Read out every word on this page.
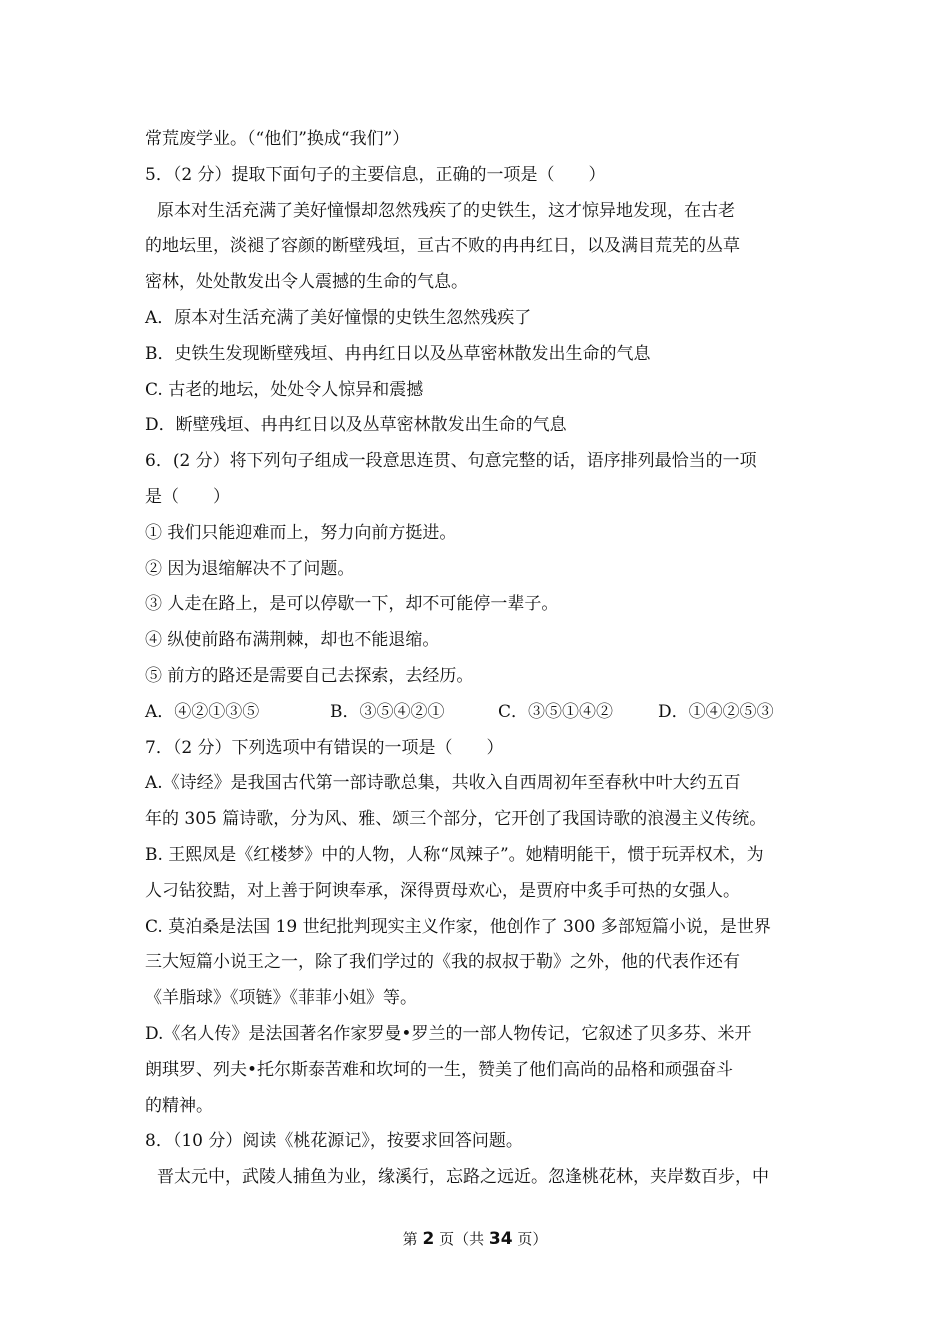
常荒废学业。（“他们”换成“我们”）
5．（2 分）提取下面句子的主要信息，正确的一项是（　　）
原本对生活充满了美好憧憬却忽然残疾了的史铁生，这才惊异地发现，在古老
的地坛里，淡褪了容颜的断壁残垣，亘古不败的冉冉红日，以及满目荒芜的丛草
密林，处处散发出令人震撼的生命的气息。
A．原本对生活充满了美好憧憬的史铁生忽然残疾了
B．史铁生发现断壁残垣、冉冉红日以及丛草密林散发出生命的气息
C. 古老的地坛，处处令人惊异和震撼
D．断壁残垣、冉冉红日以及丛草密林散发出生命的气息
6．(2 分）将下列句子组成一段意思连贯、句意完整的话，语序排列最恰当的一项
是（　　）
① 我们只能迎难而上，努力向前方挺进。
② 因为退缩解决不了问题。
③ 人走在路上，是可以停歇一下，却不可能停一辈子。
④ 纵使前路布满荆棘，却也不能退缩。
⑤ 前方的路还是需要自己去探索，去经历。
A．④②①③⑤	B．③⑤④②①	C．③⑤①④②	D．①④②⑤③
7．（2 分）下列选项中有错误的一项是（　　）
A.《诗经》是我国古代第一部诗歌总集，共收入自西周初年至春秋中叶大约五百
年的 305 篇诗歌，分为风、雅、颂三个部分，它开创了我国诗歌的浪漫主义传统。
B. 王熙凤是《红楼梦》中的人物，人称“凤辣子”。她精明能干，惯于玩弄权术，为
人刁钻狡黠，对上善于阿谀奉承，深得贾母欢心，是贾府中炙手可热的女强人。
C. 莫泊桑是法国 19 世纪批判现实主义作家，他创作了 300 多部短篇小说，是世界
三大短篇小说王之一，除了我们学过的《我的叔叔于勒》之外，他的代表作还有
《羊脂球》《项链》《菲菲小姐》等。
D.《名人传》是法国著名作家罗曼•罗兰的一部人物传记，它叙述了贝多芬、米开
朗琪罗、列夫•托尔斯泰苦难和坎坷的一生，赞美了他们高尚的品格和顽强奋斗
的精神。
8．（10 分）阅读《桃花源记》，按要求回答问题。
晋太元中，武陵人捕鱼为业，缘溪行，忘路之远近。忽逢桃花林，夹岸数百步，中
第 2 页（共 34 页）
